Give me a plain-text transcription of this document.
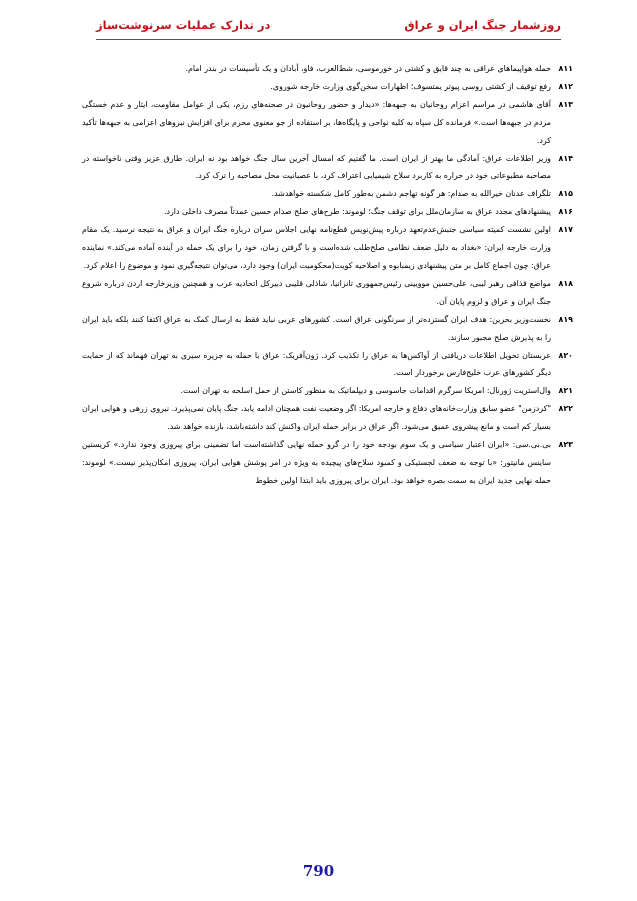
روزشمار جنگ ایران و عراق
در تدارک عملیات سرنوشت‌ساز
۸۱۱
حمله هواپیماهای عراقی به چند قایق و کشتی در خورموسی، شط‌العرب، فاو، آبادان و یک تأسیسات در بندر امام.
۸۱۲
رفع توقیف از کشتی روسی پیوتر یمتسوف؛ اظهارات سخن‌گوی وزارت خارجه شوروی.
۸۱۳
آقای هاشمی در مراسم اعزام روحانیان به جبهه‌ها: «دیدار و حضور روحانیون در صحنه‌های رزم، یکی از عوامل مقاومت، ایثار و عدم خستگی مردم در جبهه‌ها است.» فرمانده کل سپاه به کلیه نواحی و پایگاه‌ها، بر استفاده از جو معنوی محرم برای افزایش نیروهای اعزامی به جبهه‌ها تأکید کرد.
۸۱۴
وزیر اطلاعات عراق: آمادگی ما بهتر از ایران است. ما گفتیم که امسال آخرین سال جنگ خواهد بود نه ایران. طارق عزیز وقتی ناخواسته در مصاحبه مطبوعاتی خود در حراره به کاربرد سلاح شیمیایی اعتراف کرد، با عصبانیت محل مصاحبه را ترک کرد.
۸۱۵
تلگراف عدنان خیرالله به صدام: هر گونه تهاجم دشمن به‌طور کامل شکسته خواهدشد.
۸۱۶
پیشنهادهای مجدد عراق به سازمان‌ملل برای توقف جنگ؛ لوموند: طرح‌های صلح صدام حسین عمدتاً مصرف داخلی دارد.
۸۱۷
اولین نشست کمیته سیاسی جنبش‌عدم‌تعهد درباره پیش‌نویس قطع‌نامه نهایی اجلاس سران درباره جنگ ایران و عراق به نتیجه نرسید. یک مقام وزارت خارجه ایران: «بغداد به دلیل ضعف نظامی صلح‌طلب شده‌است و با گرفتن زمان، خود را برای یک حمله در آینده آماده می‌کند.» نماینده عراق: چون اجماع کامل بر متن پیشنهادی زیمبابوه و اصلاحیه کویت(محکومیت ایران) وجود دارد، می‌توان نتیجه‌گیری نمود و موضوع را اعلام کرد.
۸۱۸
مواضع قذافی رهبر لیبی، علی‌حسین موویینی رئیس‌جمهوری تانزانیا، شاذلی قلیبی دبیرکل اتحادیه عرب و همچنین وزیرخارجه اردن درباره شروع جنگ ایران و عراق و لزوم پایان آن.
۸۱۹
نخست‌وزیر بحرین: هدف ایران گسترده‌تر از سرنگونی عراق است. کشورهای عربی نباید فقط به ارسال کمک به عراق اکتفا کنند بلکه باید ایران را به پذیرش صلح مجبور سازند.
۸۲۰
عربستان تحویل اطلاعات دریافتی از آواکس‌ها به عراق را تکذیب کرد. ژون‌آفریک: عراق با حمله به جزیره سیری به تهران فهماند که از حمایت دیگر کشورهای عرب خلیج‌فارس برخوردار است.
۸۲۱
وال‌استریت ژورنال: امریکا سرگرم اقدامات جاسوسی و دیپلماتیک به منظور کاستن از حمل اسلحه به تهران است.
۸۲۲
"کردزمن" عضو سابق وزارت‌خانه‌های دفاع و خارجه امریکا: اگر وضعیت نفت همچنان ادامه یابد، جنگ پایان نمی‌پذیرد. نیروی زرهی و هوایی ایران بسیار کم است و مانع پیشروی عمیق می‌شود. اگر عراق در برابر حمله ایران واکنش کند داشته‌باشد، بازنده خواهد شد.
۸۲۳
بی.بی.سی: «ایران اعتبار سیاسی و یک سوم بودجه خود را در گرو حمله نهایی گذاشته‌است اما تضمینی برای پیروزی وجود ندارد.» کریستین ساینس مانیتور: «با توجه به ضعف لجستیکی و کمبود سلاح‌های پیچیده به ویژه در امر پوشش هوایی ایران، پیروزی امکان‌پذیر نیست.» لوموند: حمله نهایی جدید ایران به سمت بصره خواهد بود. ایران برای پیروزی باید ابتدا اولین خطوط
790
